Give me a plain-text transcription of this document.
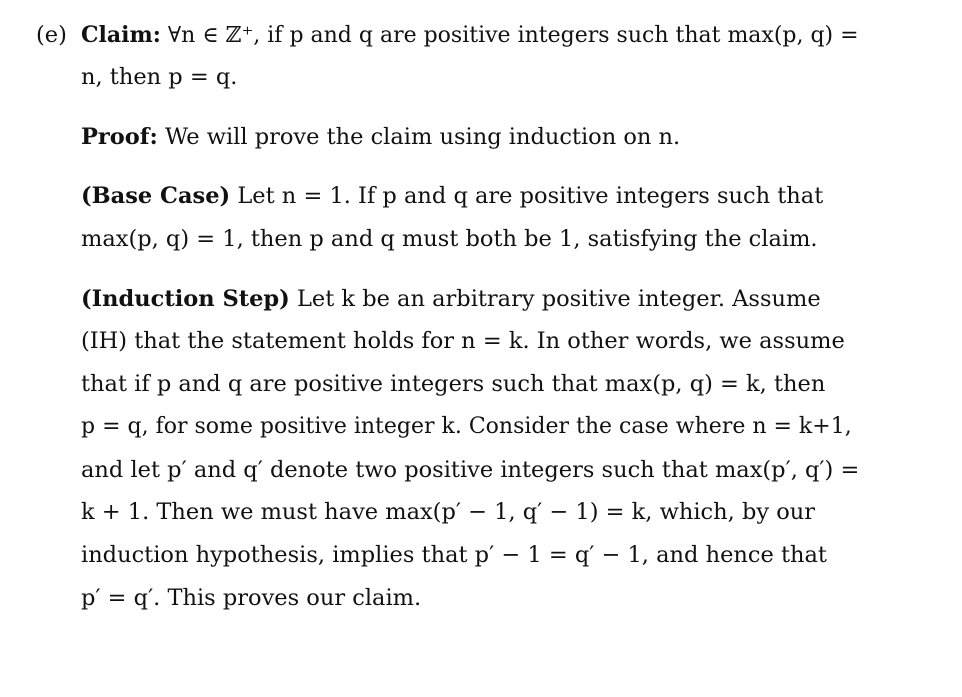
(e) Claim: ∀n ∈ ℤ⁺, if p and q are positive integers such that max(p, q) =
n, then p = q.
Proof: We will prove the claim using induction on n.
(Base Case) Let n = 1. If p and q are positive integers such that
max(p, q) = 1, then p and q must both be 1, satisfying the claim.
(Induction Step) Let k be an arbitrary positive integer. Assume
(IH) that the statement holds for n = k. In other words, we assume
that if p and q are positive integers such that max(p, q) = k, then
p = q, for some positive integer k. Consider the case where n = k+1,
and let p′ and q′ denote two positive integers such that max(p′, q′) =
k + 1. Then we must have max(p′ − 1, q′ − 1) = k, which, by our
induction hypothesis, implies that p′ − 1 = q′ − 1, and hence that
p′ = q′. This proves our claim.
